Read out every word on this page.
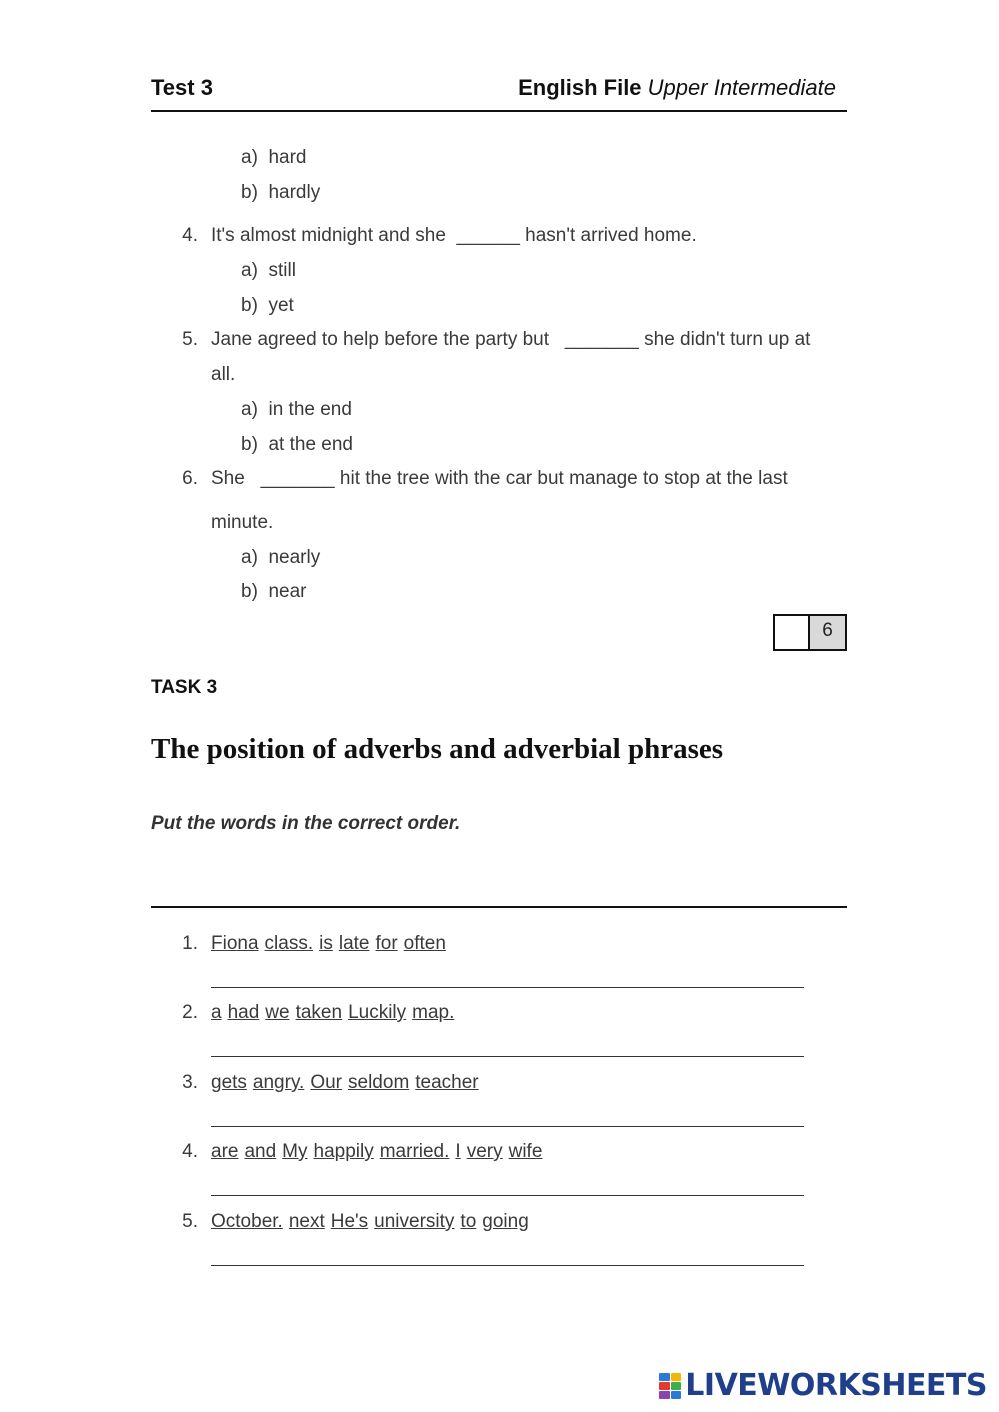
Test 3	English File Upper Intermediate
a) hard
b) hardly
4. It's almost midnight and she ______ hasn't arrived home.
a) still
b) yet
5. Jane agreed to help before the party but _______ she didn't turn up at
all.
a) in the end
b) at the end
6. She _______ hit the tree with the car but manage to stop at the last
minute.
a) nearly
b) near
6
TASK 3
The position of adverbs and adverbial phrases
Put the words in the correct order.
1. Fiona class. is late for often
2. a had we taken Luckily map.
3. gets angry. Our seldom teacher
4. are and My happily married. I very wife
5. October. next He's university to going
LIVEWORKSHEETS
